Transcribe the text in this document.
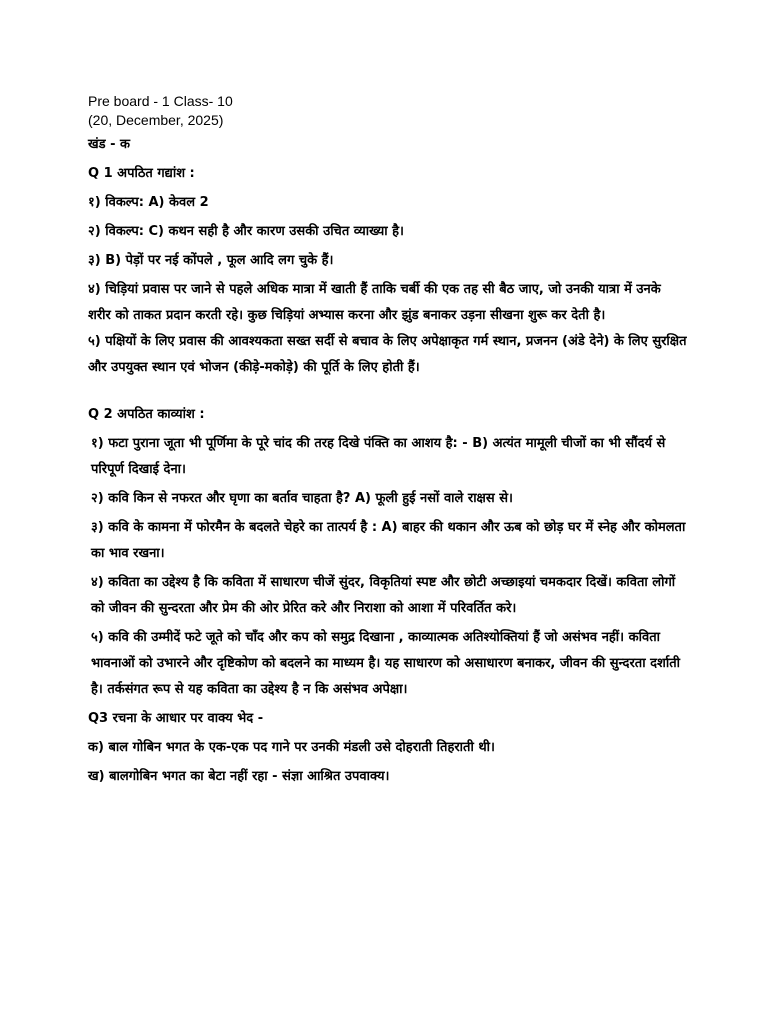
Pre board - 1 Class- 10

(20, December, 2025)

खंड - क

Q 1 अपठित गद्यांश :

१) विकल्प: A) केवल 2

२) विकल्प: C) कथन सही है और कारण उसकी उचित व्याख्या है।

३) B) पेड़ों पर नई कोंपले , फूल आदि लग चुके हैं।

४) चिड़ियां प्रवास पर जाने से पहले अधिक मात्रा में खाती हैं ताकि चर्बी की एक तह सी बैठ जाए, जो उनकी यात्रा में उनके शरीर को ताकत प्रदान करती रहे। कुछ चिड़ियां अभ्यास करना और झुंड बनाकर उड़ना सीखना शुरू कर देती है।

५) पक्षियों के लिए प्रवास की आवश्यकता सख्त सर्दी से बचाव के लिए अपेक्षाकृत गर्म स्थान, प्रजनन (अंडे देने) के लिए सुरक्षित और उपयुक्त स्थान एवं भोजन (कीड़े-मकोड़े) की पूर्ति के लिए होती हैं।

Q 2 अपठित काव्यांश :

१) फटा पुराना जूता भी पूर्णिमा के पूरे चांद की तरह दिखे पंक्ति का आशय है: - B) अत्यंत मामूली चीजों का भी सौंदर्य से परिपूर्ण दिखाई देना।

२) कवि किन से नफरत और घृणा का बर्ताव चाहता है? A) फूली हुई नसों वाले राक्षस से।

३) कवि के कामना में फोरमैन के बदलते चेहरे का तात्पर्य है : A) बाहर की थकान और ऊब को छोड़ घर में स्नेह और कोमलता का भाव रखना।

४) कविता का उद्देश्य है कि कविता में साधारण चीजें सुंदर, विकृतियां स्पष्ट और छोटी अच्छाइयां चमकदार दिखें। कविता लोगों को जीवन की सुन्दरता और प्रेम की ओर प्रेरित करे और निराशा को आशा में परिवर्तित करे।

५) कवि की उम्मीदें फटे जूते को चाँद और कप को समुद्र दिखाना , काव्यात्मक अतिश्योक्तियां हैं जो असंभव नहीं। कविता भावनाओं को उभारने और दृष्टिकोण को बदलने का माध्यम है। यह साधारण को असाधारण बनाकर, जीवन की सुन्दरता दर्शाती है। तर्कसंगत रूप से यह कविता का उद्देश्य है न कि असंभव अपेक्षा।

Q3 रचना के आधार पर वाक्य भेद -

क) बाल गोबिन भगत के एक-एक पद गाने पर उनकी मंडली उसे दोहराती तिहराती थी।

ख) बालगोबिन भगत का बेटा नहीं रहा - संज्ञा आश्रित उपवाक्य।
